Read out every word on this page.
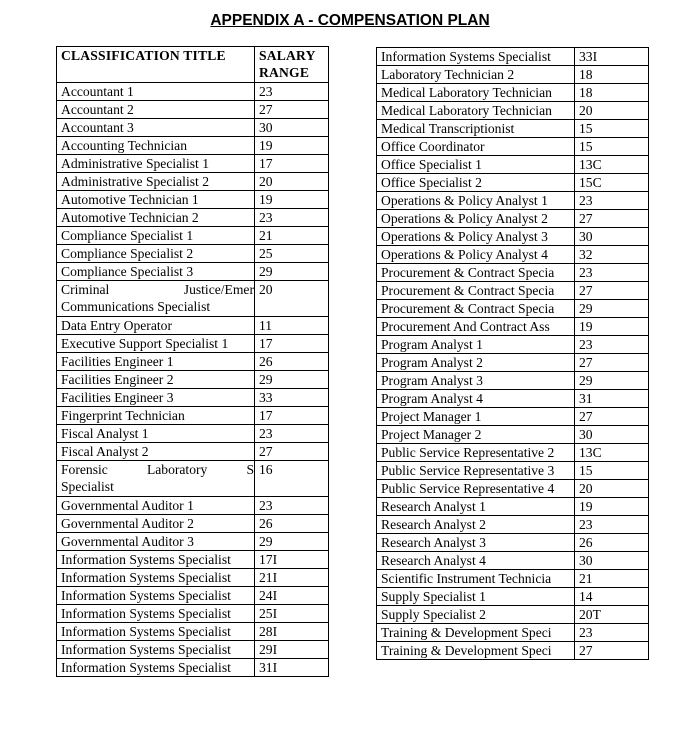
APPENDIX A - COMPENSATION PLAN
CLASSIFICATION TITLE	SALARY RANGE
Accountant 1	23
Accountant 2	27
Accountant 3	30
Accounting Technician	19
Administrative Specialist 1	17
Administrative Specialist 2	20
Automotive Technician 1	19
Automotive Technician 2	23
Compliance Specialist 1	21
Compliance Specialist 2	25
Compliance Specialist 3	29

Criminal Justice/Emer
Communications Specialist	20
Data Entry Operator	11
Executive Support Specialist 1	17
Facilities Engineer 1	26
Facilities Engineer 2	29
Facilities Engineer 3	33
Fingerprint Technician	17
Fiscal Analyst 1	23
Fiscal Analyst 2	27

Forensic Laboratory S
Specialist	16
Governmental Auditor 1	23
Governmental Auditor 2	26
Governmental Auditor 3	29
Information Systems Specialist	17I
Information Systems Specialist	21I
Information Systems Specialist	24I
Information Systems Specialist	25I
Information Systems Specialist	28I
Information Systems Specialist	29I
Information Systems Specialist	31I
Information Systems Specialist	33I
Laboratory Technician 2	18
Medical Laboratory Technician	18
Medical Laboratory Technician	20
Medical Transcriptionist	15
Office Coordinator	15
Office Specialist 1	13C
Office Specialist 2	15C
Operations & Policy Analyst 1	23
Operations & Policy Analyst 2	27
Operations & Policy Analyst 3	30
Operations & Policy Analyst 4	32
Procurement & Contract Specia	23
Procurement & Contract Specia	27
Procurement & Contract Specia	29
Procurement And Contract Ass	19
Program Analyst 1	23
Program Analyst 2	27
Program Analyst 3	29
Program Analyst 4	31
Project Manager 1	27
Project Manager 2	30
Public Service Representative 2	13C
Public Service Representative 3	15
Public Service Representative 4	20
Research Analyst 1	19
Research Analyst 2	23
Research Analyst 3	26
Research Analyst 4	30
Scientific Instrument Technicia	21
Supply Specialist 1	14
Supply Specialist 2	20T
Training & Development Speci	23
Training & Development Speci	27
